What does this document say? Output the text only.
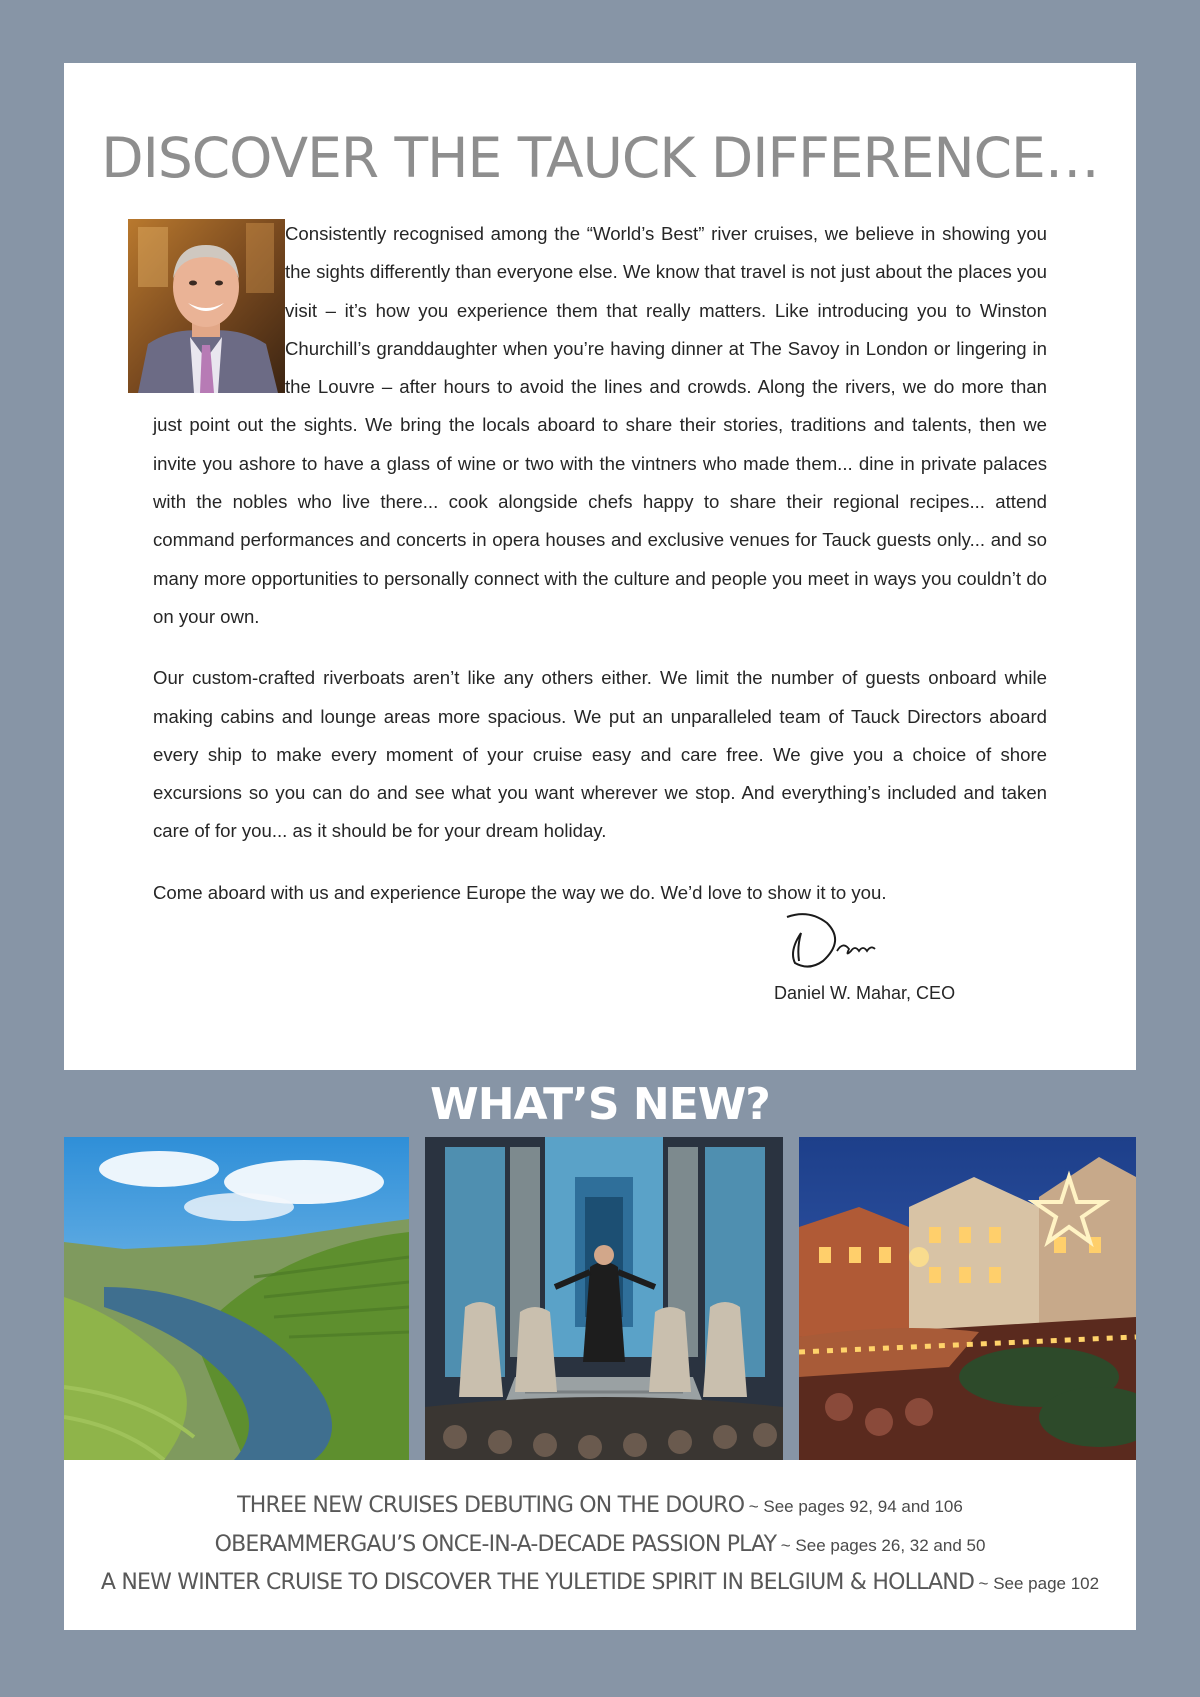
DISCOVER THE TAUCK DIFFERENCE…

Consistently recognised among the “World’s Best” river cruises, we believe in showing you the sights differently than everyone else. We know that travel is not just about the places you visit – it’s how you experience them that really matters. Like introducing you to Winston Churchill’s granddaughter when you’re having dinner at The Savoy in London or lingering in the Louvre – after hours to avoid the lines and crowds. Along the rivers, we do more than just point out the sights. We bring the locals aboard to share their stories, traditions and talents, then we invite you ashore to have a glass of wine or two with the vintners who made them... dine in private palaces with the nobles who live there... cook alongside chefs happy to share their regional recipes... attend command performances and concerts in opera houses and exclusive venues for Tauck guests only... and so many more opportunities to personally connect with the culture and people you meet in ways you couldn’t do on your own.

Our custom-crafted riverboats aren’t like any others either. We limit the number of guests onboard while making cabins and lounge areas more spacious. We put an unparalleled team of Tauck Directors aboard every ship to make every moment of your cruise easy and care free. We give you a choice of shore excursions so you can do and see what you want wherever we stop. And everything’s included and taken care of for you... as it should be for your dream holiday.

Come aboard with us and experience Europe the way we do. We’d love to show it to you.

Daniel W. Mahar, CEO
WHAT’S NEW?
THREE NEW CRUISES DEBUTING ON THE DOURO ~ See pages 92, 94 and 106
OBERAMMERGAU’S ONCE-IN-A-DECADE PASSION PLAY ~ See pages 26, 32 and 50
A NEW WINTER CRUISE TO DISCOVER THE YULETIDE SPIRIT IN BELGIUM & HOLLAND ~ See page 102
